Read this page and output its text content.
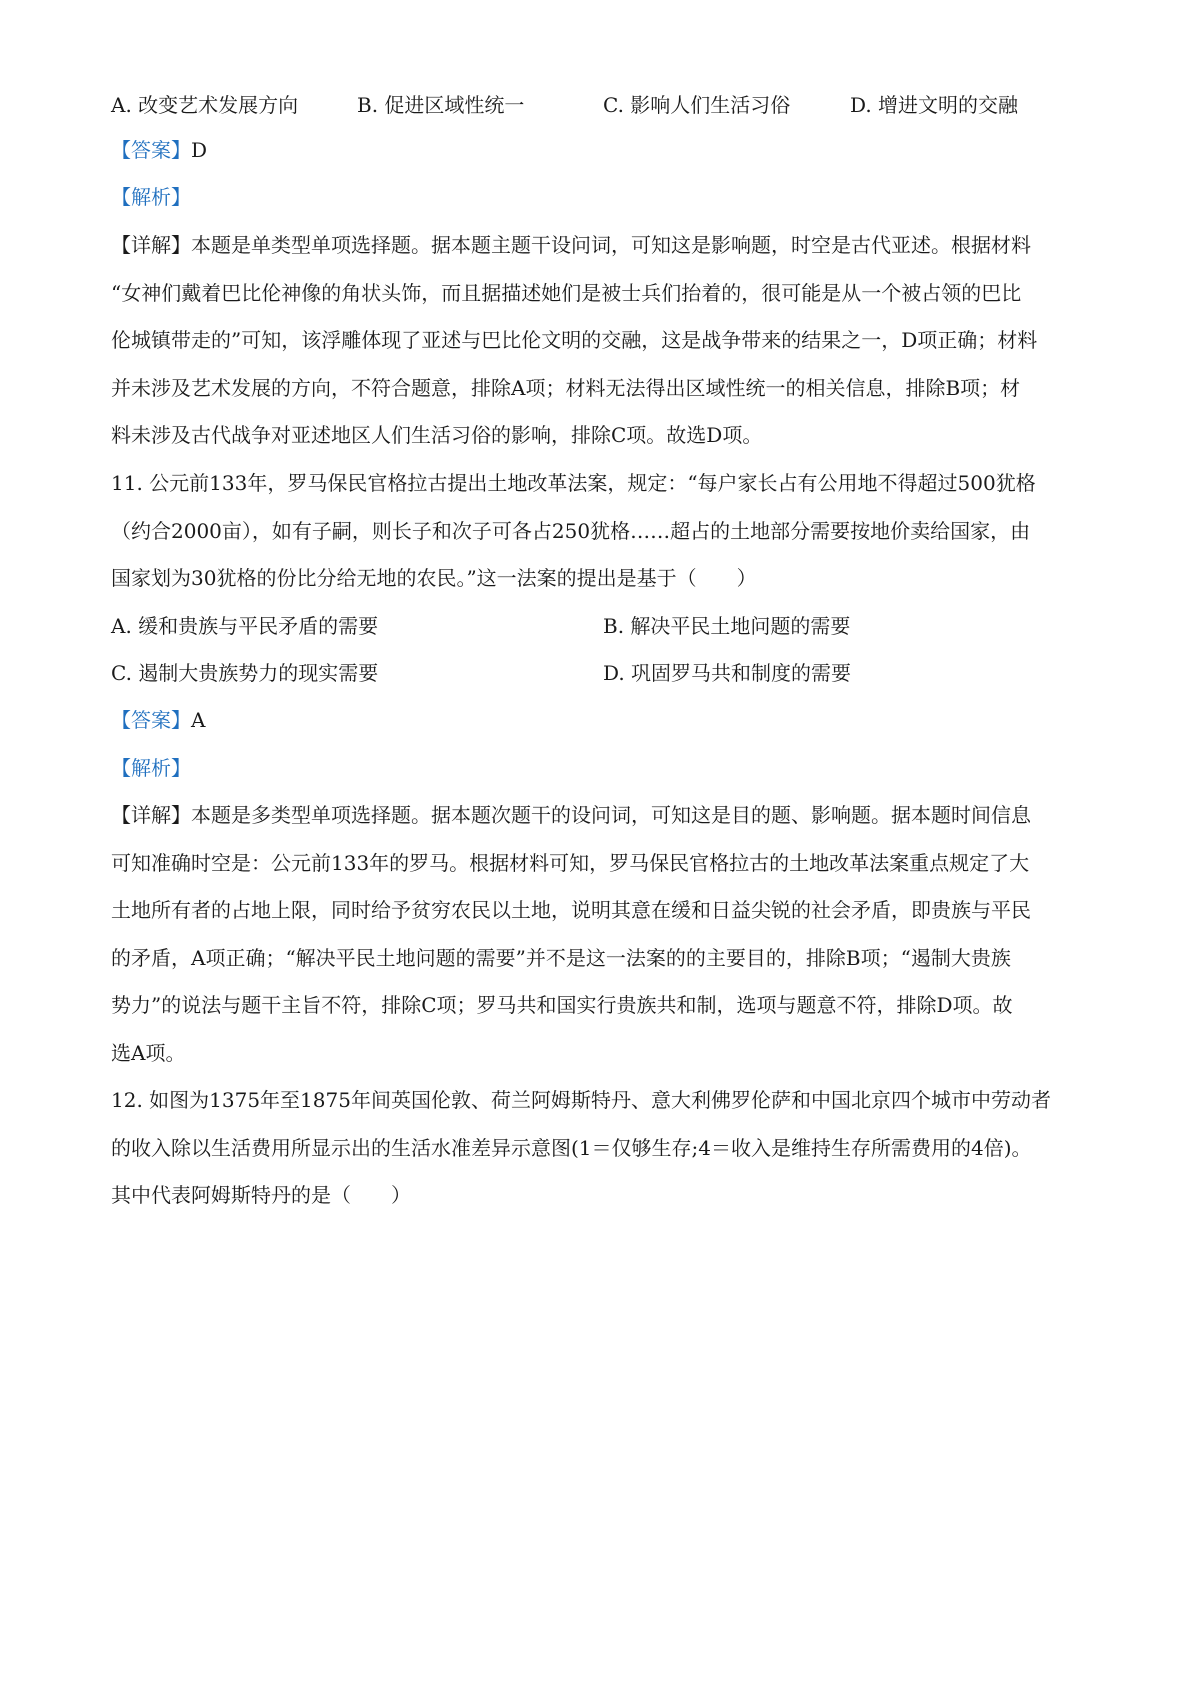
A. 改变艺术发展方向	B. 促进区域性统一	C. 影响人们生活习俗	D. 增进文明的交融
【答案】D
【解析】
【详解】本题是单类型单项选择题。据本题主题干设问词，可知这是影响题，时空是古代亚述。根据材料
“女神们戴着巴比伦神像的角状头饰，而且据描述她们是被士兵们抬着的，很可能是从一个被占领的巴比
伦城镇带走的”可知，该浮雕体现了亚述与巴比伦文明的交融，这是战争带来的结果之一，D项正确；材料
并未涉及艺术发展的方向，不符合题意，排除A项；材料无法得出区域性统一的相关信息，排除B项；材
料未涉及古代战争对亚述地区人们生活习俗的影响，排除C项。故选D项。
11. 公元前133年，罗马保民官格拉古提出土地改革法案，规定：“每户家长占有公用地不得超过500犹格
（约合2000亩），如有子嗣，则长子和次子可各占250犹格……超占的土地部分需要按地价卖给国家，由
国家划为30犹格的份比分给无地的农民。”这一法案的提出是基于（　　）
A. 缓和贵族与平民矛盾的需要	B. 解决平民土地问题的需要
C. 遏制大贵族势力的现实需要	D. 巩固罗马共和制度的需要
【答案】A
【解析】
【详解】本题是多类型单项选择题。据本题次题干的设问词，可知这是目的题、影响题。据本题时间信息
可知准确时空是：公元前133年的罗马。根据材料可知，罗马保民官格拉古的土地改革法案重点规定了大
土地所有者的占地上限，同时给予贫穷农民以土地，说明其意在缓和日益尖锐的社会矛盾，即贵族与平民
的矛盾，A项正确；“解决平民土地问题的需要”并不是这一法案的的主要目的，排除B项；“遏制大贵族
势力”的说法与题干主旨不符，排除C项；罗马共和国实行贵族共和制，选项与题意不符，排除D项。故
选A项。
12. 如图为1375年至1875年间英国伦敦、荷兰阿姆斯特丹、意大利佛罗伦萨和中国北京四个城市中劳动者
的收入除以生活费用所显示出的生活水准差异示意图(1＝仅够生存;4＝收入是维持生存所需费用的4倍)。
其中代表阿姆斯特丹的是（　　）
